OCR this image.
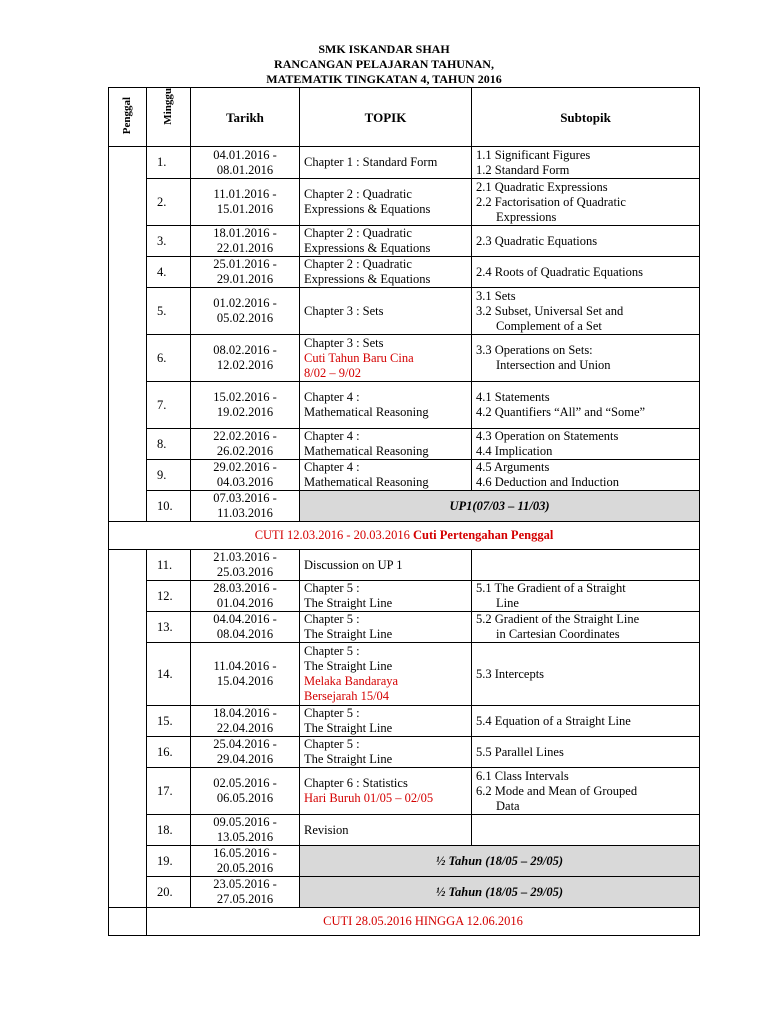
SMK ISKANDAR SHAH
RANCANGAN PELAJARAN TAHUNAN,
MATEMATIK TINGKATAN 4, TAHUN 2016
Penggal	Minggu	Tarikh	TOPIK	Subtopik
	1.	04.01.2016 -
08.01.2016	Chapter 1 : Standard Form	1.1 Significant Figures
1.2 Standard Form

	2.	11.01.2016 -
15.01.2016	Chapter 2 : Quadratic
Expressions & Equations	2.1 Quadratic Expressions
2.2 Factorisation of Quadratic
Expressions

	3.	18.01.2016 -
22.01.2016	Chapter 2 : Quadratic
Expressions & Equations	2.3 Quadratic Equations

	4.	25.01.2016 -
29.01.2016	Chapter 2 : Quadratic
Expressions & Equations	2.4 Roots of Quadratic Equations

	5.	01.02.2016 -
05.02.2016	Chapter 3 : Sets	3.1 Sets
3.2 Subset, Universal Set and
Complement of a Set

	6.	08.02.2016 -
12.02.2016	Chapter 3 : Sets
Cuti Tahun Baru Cina
8/02 – 9/02	3.3 Operations on Sets:
Intersection and Union

	7.	15.02.2016 -
19.02.2016	Chapter 4 :
Mathematical Reasoning	4.1 Statements
4.2 Quantifiers “All” and “Some”

	8.	22.02.2016 -
26.02.2016	Chapter 4 :
Mathematical Reasoning	4.3 Operation on Statements
4.4 Implication

	9.	29.02.2016 -
04.03.2016	Chapter 4 :
Mathematical Reasoning	4.5 Arguments
4.6 Deduction and Induction

	10.	07.03.2016 -
11.03.2016	UP1(07/03 – 11/03)	
CUTI 12.03.2016 - 20.03.2016 Cuti Pertengahan Penggal				
	11.	21.03.2016 -
25.03.2016	Discussion on UP 1	

	12.	28.03.2016 -
01.04.2016	Chapter 5 :
The Straight Line	5.1 The Gradient of a Straight
Line

	13.	04.04.2016 -
08.04.2016	Chapter 5 :
The Straight Line	5.2 Gradient of the Straight Line
in Cartesian Coordinates

	14.	11.04.2016 -
15.04.2016	Chapter 5 :
The Straight Line
Melaka Bandaraya
Bersejarah 15/04	5.3 Intercepts

	15.	18.04.2016 -
22.04.2016	Chapter 5 :
The Straight Line	5.4 Equation of a Straight Line

	16.	25.04.2016 -
29.04.2016	Chapter 5 :
The Straight Line	5.5 Parallel Lines

	17.	02.05.2016 -
06.05.2016	Chapter 6 : Statistics
Hari Buruh 01/05 – 02/05	6.1 Class Intervals
6.2 Mode and Mean of Grouped
Data

	18.	09.05.2016 -
13.05.2016	Revision	

	19.	16.05.2016 -
20.05.2016	½ Tahun (18/05 – 29/05)	
	20.	23.05.2016 -
27.05.2016	½ Tahun (18/05 – 29/05)	
	CUTI 28.05.2016 HINGGA 12.06.2016			
